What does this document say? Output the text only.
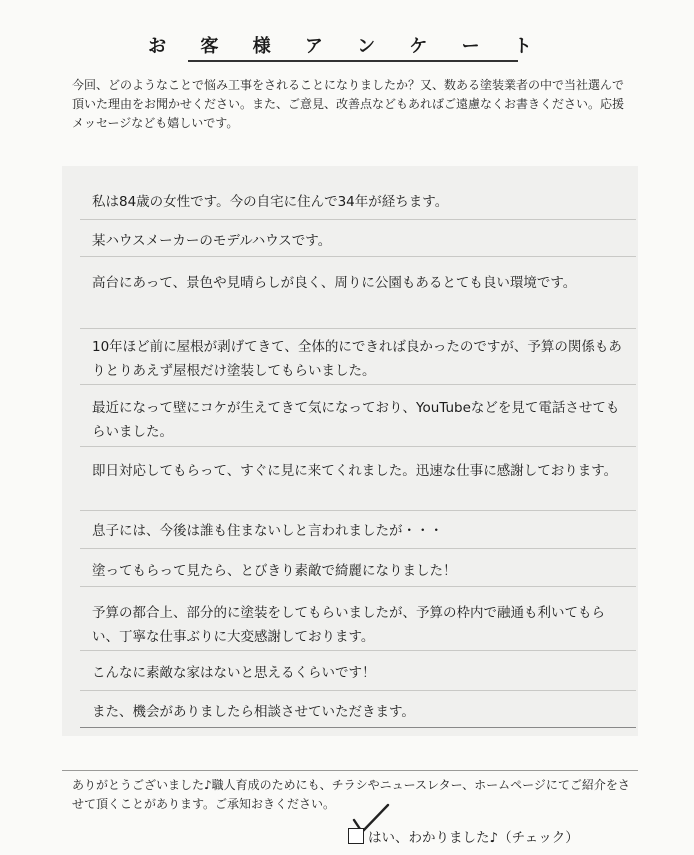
お 客 様 ア ン ケ ー ト
今回、どのようなことで悩み工事をされることになりましたか？又、数ある塗装業者の中で当社選んで頂いた理由をお聞かせください。また、ご意見、改善点などもあればご遠慮なくお書きください。応援メッセージなども嬉しいです。
私は84歳の女性です。今の自宅に住んで34年が経ちます。
某ハウスメーカーのモデルハウスです。
高台にあって、景色や見晴らしが良く、周りに公園もあるとても良い環境です。
10年ほど前に屋根が剥げてきて、全体的にできれば良かったのですが、予算の関係もありとりあえず屋根だけ塗装してもらいました。
最近になって壁にコケが生えてきて気になっており、YouTubeなどを見て電話させてもらいました。
即日対応してもらって、すぐに見に来てくれました。迅速な仕事に感謝しております。
息子には、今後は誰も住まないしと言われましたが・・・
塗ってもらって見たら、とびきり素敵で綺麗になりました！
予算の都合上、部分的に塗装をしてもらいましたが、予算の枠内で融通も利いてもらい、丁寧な仕事ぶりに大変感謝しております。
こんなに素敵な家はないと思えるくらいです！
また、機会がありましたら相談させていただきます。
ありがとうございました♪職人育成のためにも、チラシやニュースレター、ホームページにてご紹介をさせて頂くことがあります。ご承知おきください。
はい、わかりました♪（チェック）
